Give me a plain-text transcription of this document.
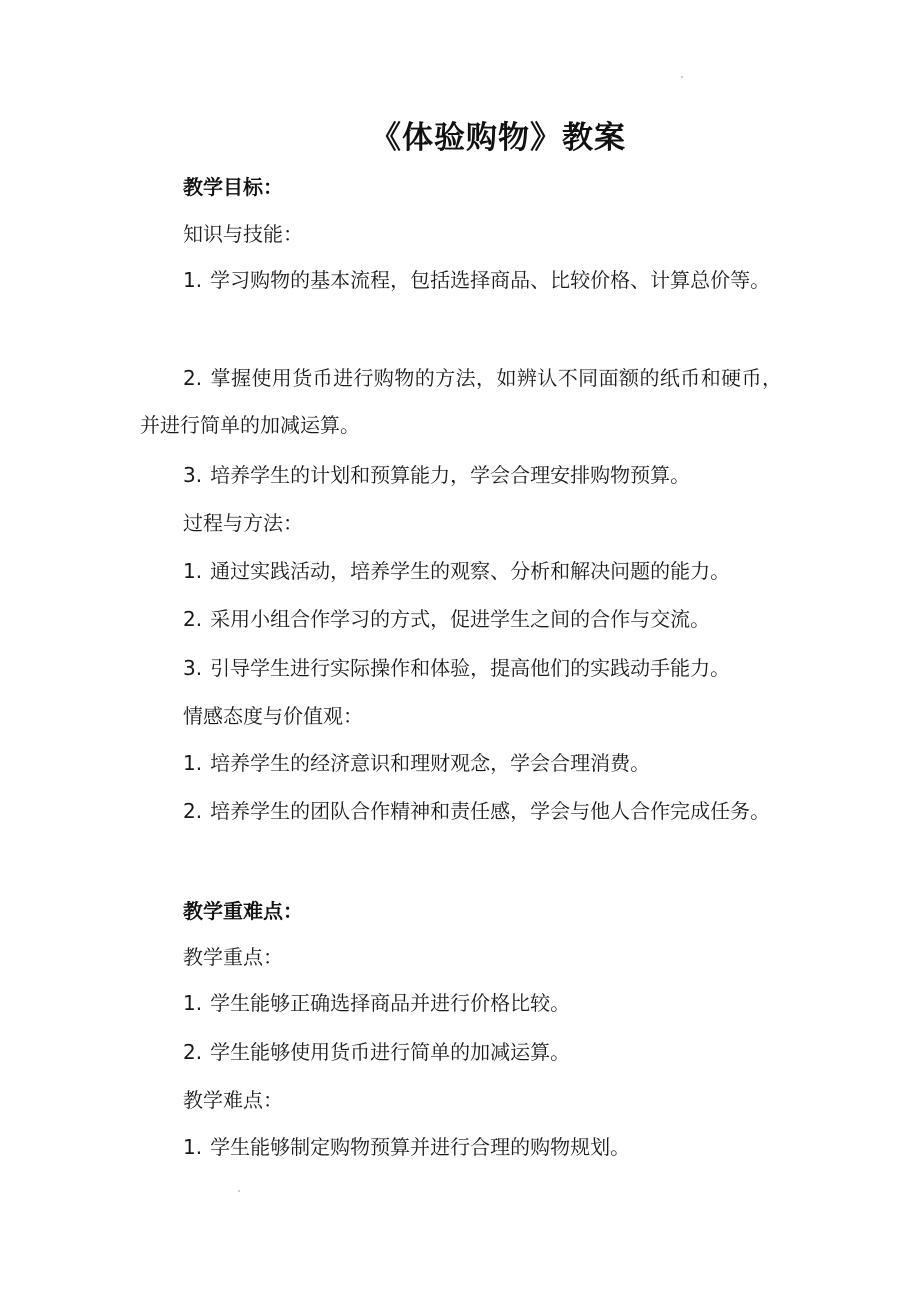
《体验购物》教案
教学目标：
知识与技能：
1. 学习购物的基本流程，包括选择商品、比较价格、计算总价等。
2. 掌握使用货币进行购物的方法，如辨认不同面额的纸币和硬币，并进行简单的加减运算。
3. 培养学生的计划和预算能力，学会合理安排购物预算。
过程与方法：
1. 通过实践活动，培养学生的观察、分析和解决问题的能力。
2. 采用小组合作学习的方式，促进学生之间的合作与交流。
3. 引导学生进行实际操作和体验，提高他们的实践动手能力。
情感态度与价值观：
1. 培养学生的经济意识和理财观念，学会合理消费。
2. 培养学生的团队合作精神和责任感，学会与他人合作完成任务。
教学重难点：
教学重点：
1. 学生能够正确选择商品并进行价格比较。
2. 学生能够使用货币进行简单的加减运算。
教学难点：
1. 学生能够制定购物预算并进行合理的购物规划。
